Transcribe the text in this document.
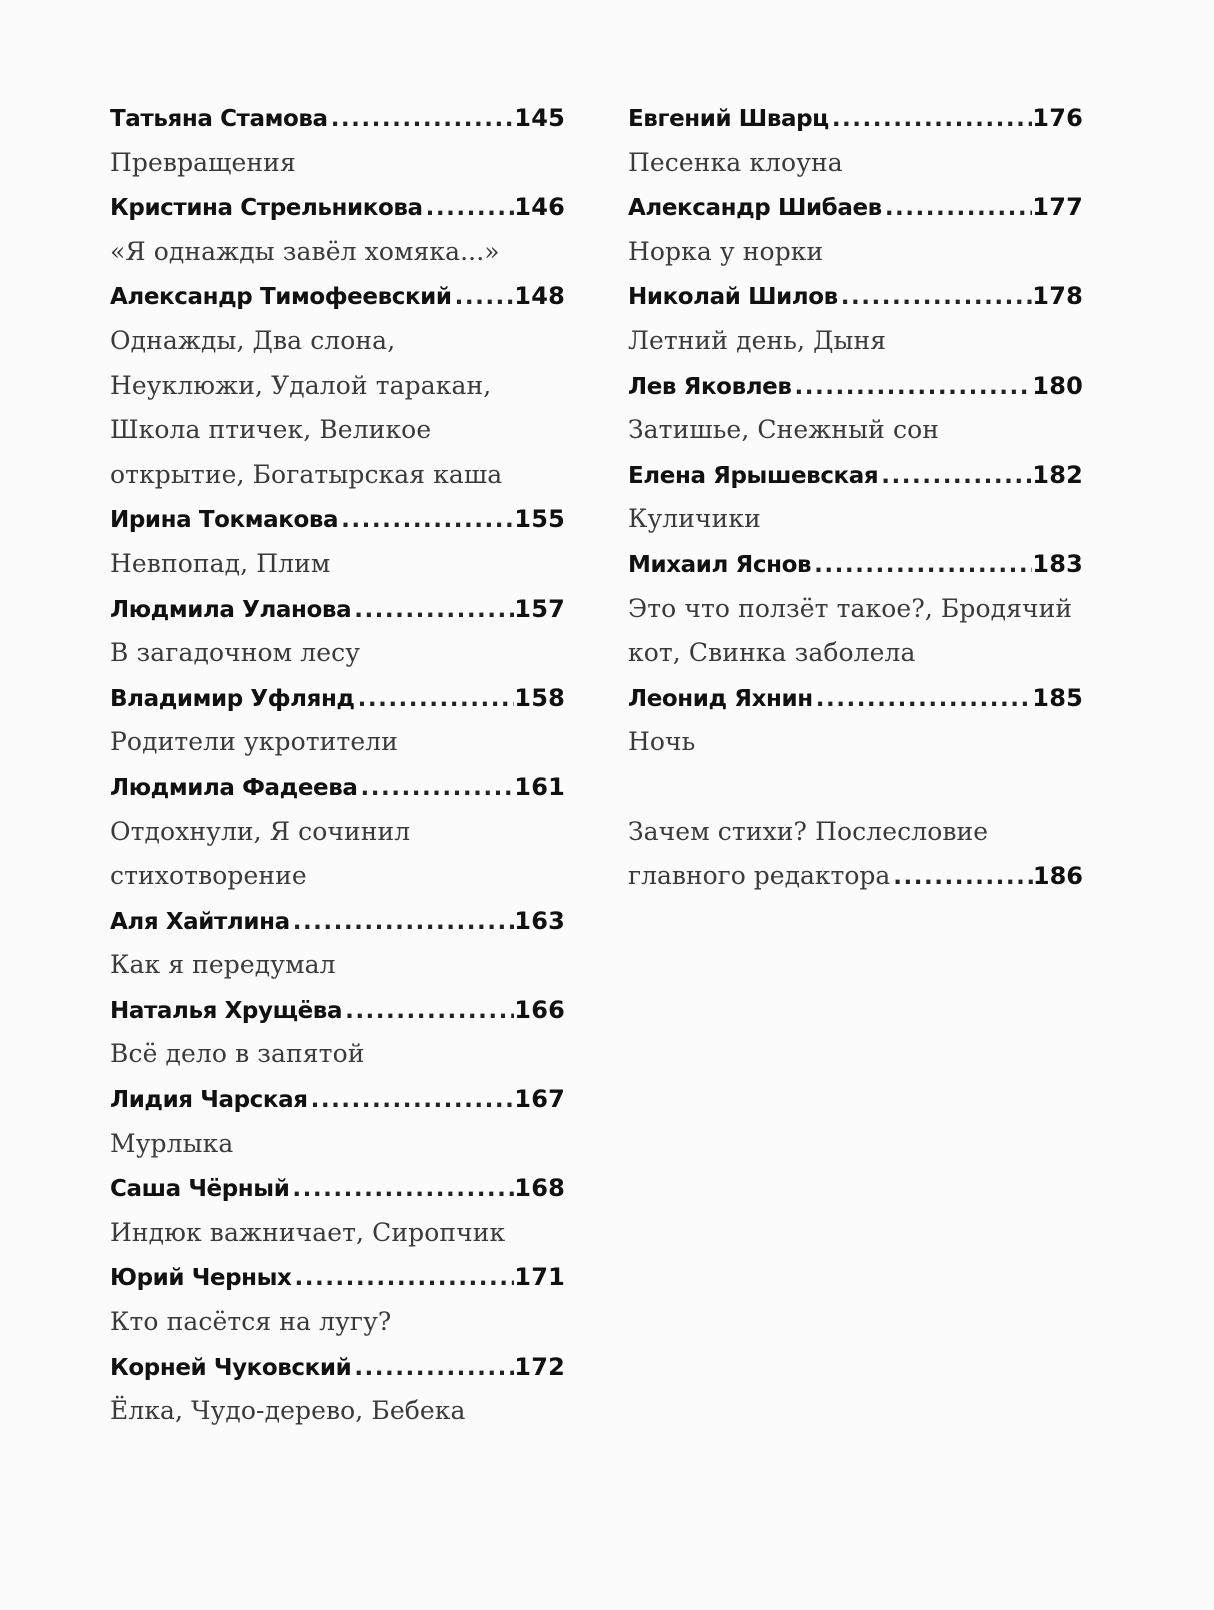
Татьяна Стамова .....	145
Превращения
Кристина Стрельникова .....	146
«Я однажды завёл хомяка...»
Александр Тимофеевский .....	148
Однажды, Два слона,
Неуклюжи, Удалой таракан,
Школа птичек, Великое
открытие, Богатырская каша
Ирина Токмакова .....	155
Невпопад, Плим
Людмила Уланова .....	157
В загадочном лесу
Владимир Уфлянд .....	158
Родители укротители
Людмила Фадеева .....	161
Отдохнули, Я сочинил
стихотворение
Аля Хайтлина .....	163
Как я передумал
Наталья Хрущёва .....	166
Всё дело в запятой
Лидия Чарская .....	167
Мурлыка
Саша Чёрный .....	168
Индюк важничает, Сиропчик
Юрий Черных .....	171
Кто пасётся на лугу?
Корней Чуковский .....	172
Ёлка, Чудо-дерево, Бебека
Евгений Шварц .....	176
Песенка клоуна
Александр Шибаев .....	177
Норка у норки
Николай Шилов .....	178
Летний день, Дыня
Лев Яковлев .....	180
Затишье, Снежный сон
Елена Ярышевская .....	182
Куличики
Михаил Яснов .....	183
Это что ползёт такое?, Бродячий
кот, Свинка заболела
Леонид Яхнин .....	185
Ночь
Зачем стихи? Послесловие
главного редактора .....	186
